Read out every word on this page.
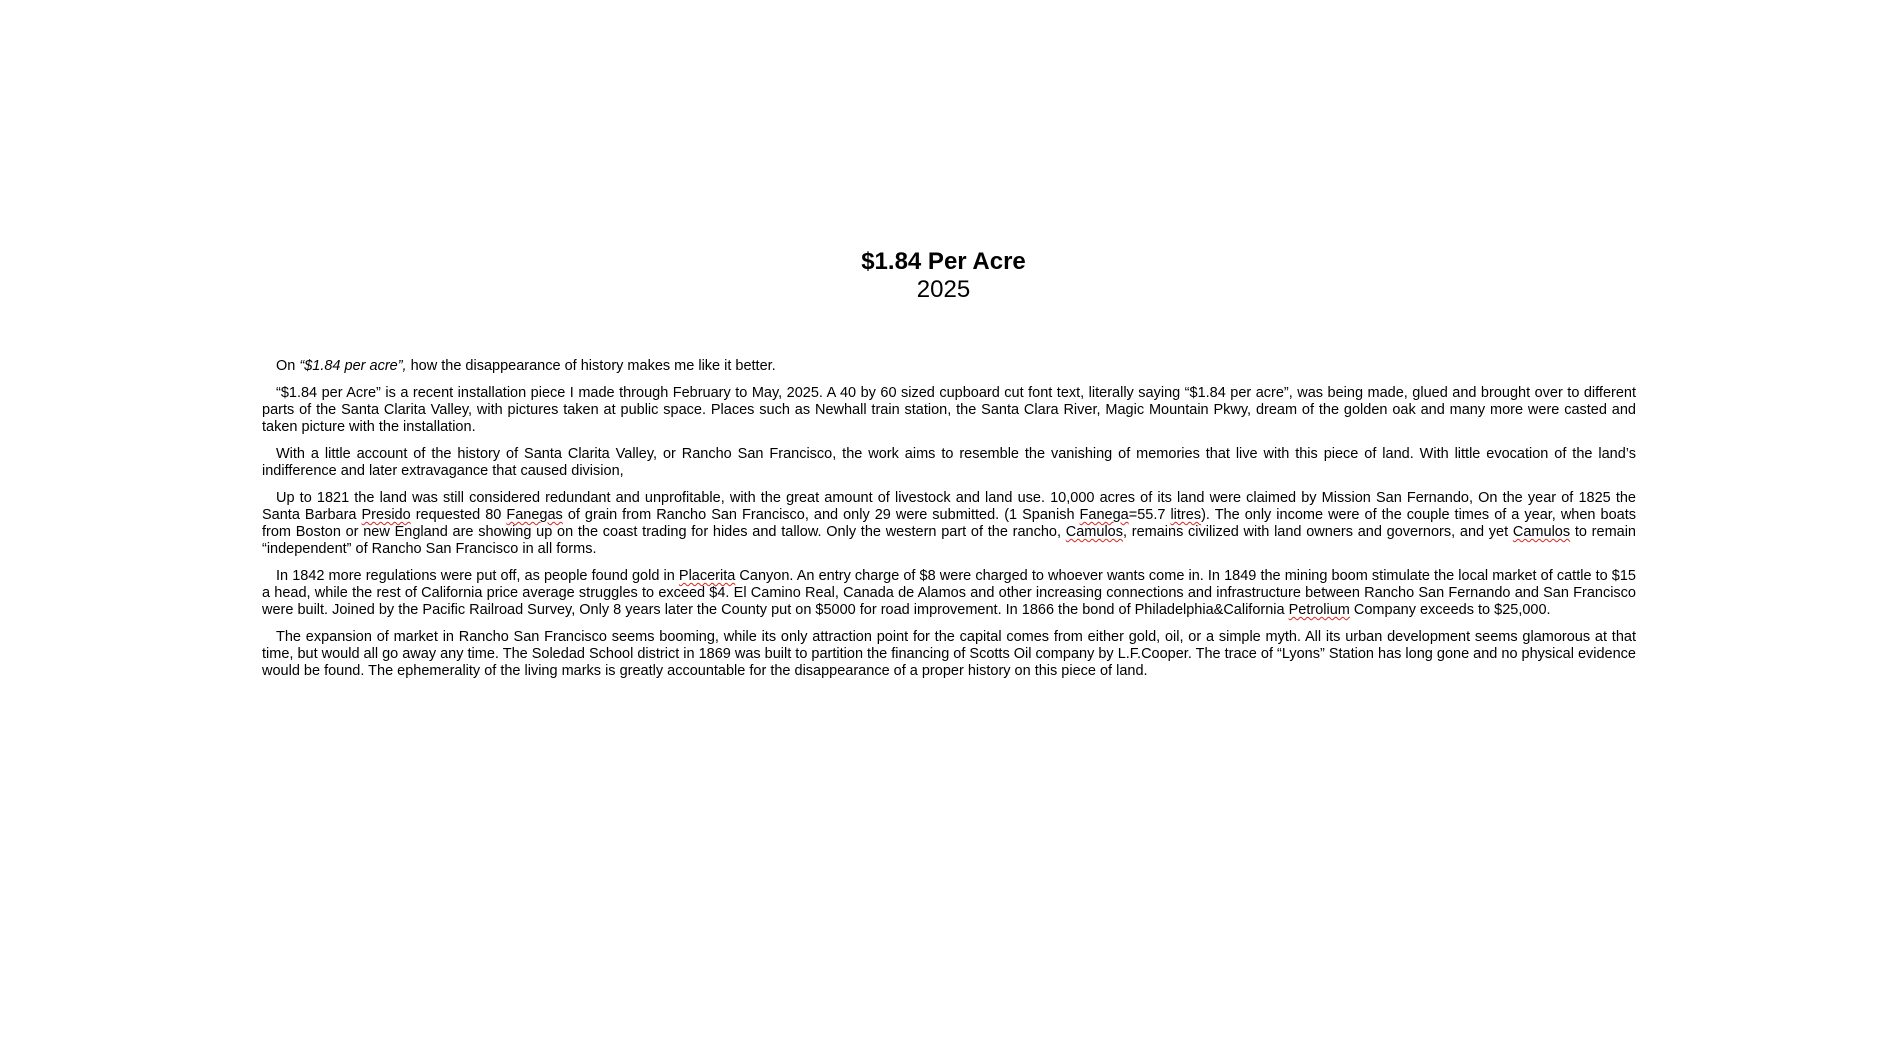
$1.84 Per Acre

2025

On “$1.84 per acre”, how the disappearance of history makes me like it better.

“$1.84 per Acre” is a recent installation piece I made through February to May, 2025. A 40 by 60 sized cupboard cut font text, literally saying “$1.84 per acre”, was being made, glued and brought over to different parts of the Santa Clarita Valley, with pictures taken at public space. Places such as Newhall train station, the Santa Clara River, Magic Mountain Pkwy, dream of the golden oak and many more were casted and taken picture with the installation.

With a little account of the history of Santa Clarita Valley, or Rancho San Francisco, the work aims to resemble the vanishing of memories that live with this piece of land. With little evocation of the land’s indifference and later extravagance that caused division,

Up to 1821 the land was still considered redundant and unprofitable, with the great amount of livestock and land use. 10,000 acres of its land were claimed by Mission San Fernando, On the year of 1825 the Santa Barbara Presido requested 80 Fanegas of grain from Rancho San Francisco, and only 29 were submitted. (1 Spanish Fanega=55.7 litres). The only income were of the couple times of a year, when boats from Boston or new England are showing up on the coast trading for hides and tallow. Only the western part of the rancho, Camulos, remains civilized with land owners and governors, and yet Camulos to remain “independent” of Rancho San Francisco in all forms.

In 1842 more regulations were put off, as people found gold in Placerita Canyon. An entry charge of $8 were charged to whoever wants come in. In 1849 the mining boom stimulate the local market of cattle to $15 a head, while the rest of California price average struggles to exceed $4. El Camino Real, Canada de Alamos and other increasing connections and infrastructure between Rancho San Fernando and San Francisco were built. Joined by the Pacific Railroad Survey, Only 8 years later the County put on $5000 for road improvement. In 1866 the bond of Philadelphia&California Petrolium Company exceeds to $25,000.

The expansion of market in Rancho San Francisco seems booming, while its only attraction point for the capital comes from either gold, oil, or a simple myth. All its urban development seems glamorous at that time, but would all go away any time. The Soledad School district in 1869 was built to partition the financing of Scotts Oil company by L.F.Cooper. The trace of “Lyons” Station has long gone and no physical evidence would be found. The ephemerality of the living marks is greatly accountable for the disappearance of a proper history on this piece of land.
